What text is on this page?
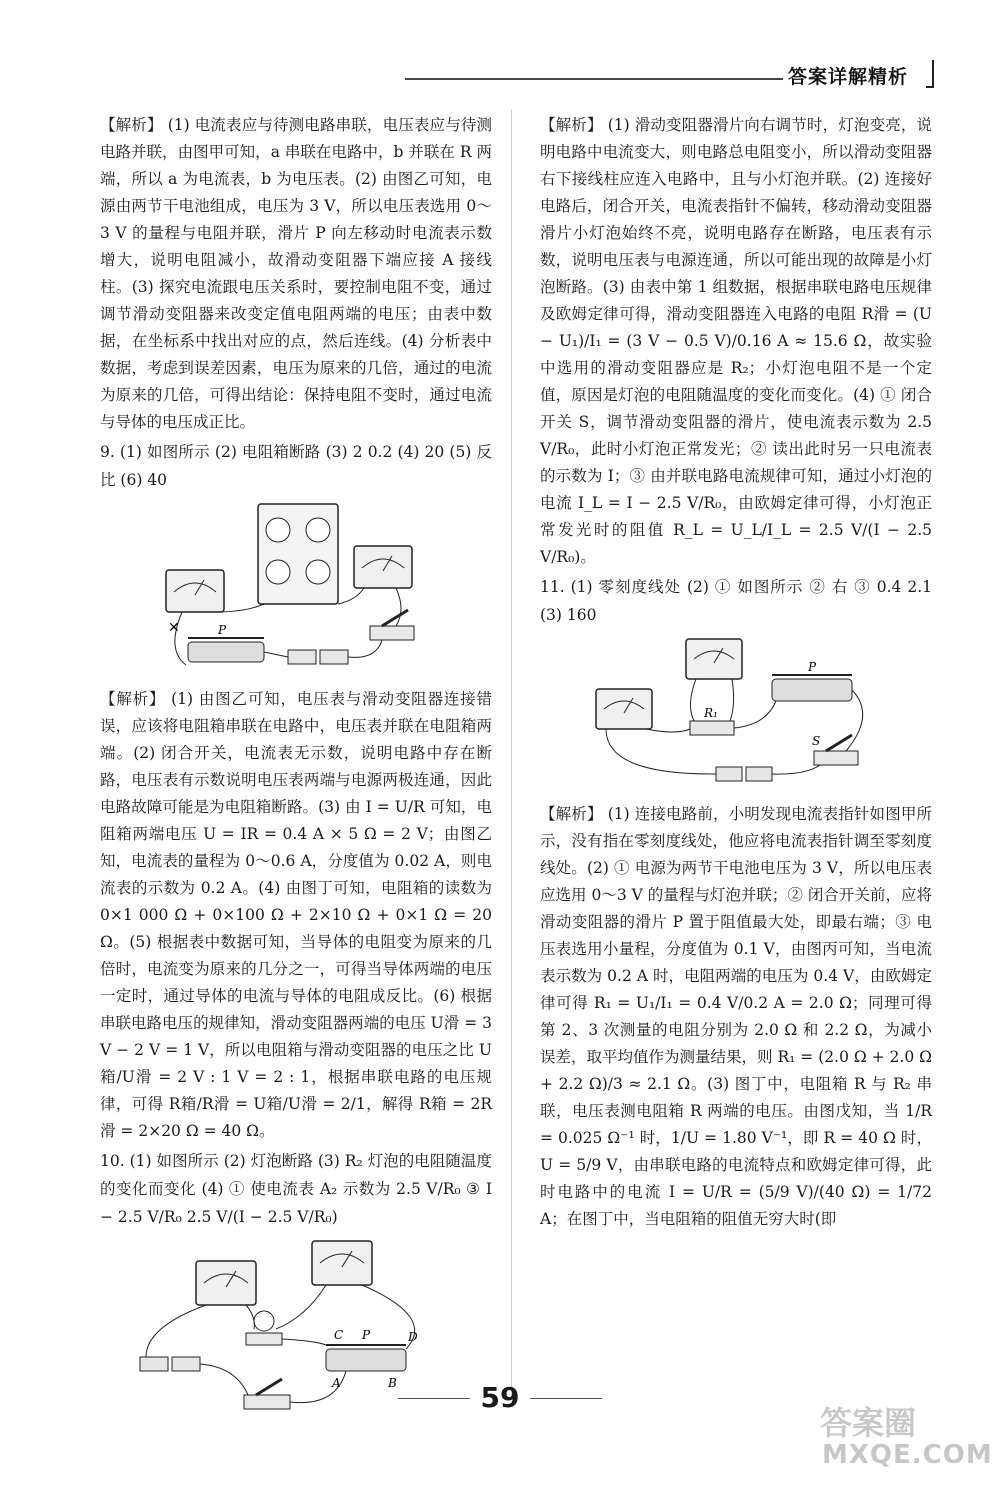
答案详解精析

【解析】 (1) 电流表应与待测电路串联，电压表应与待测电路并联，由图甲可知，a 串联在电路中，b 并联在 R 两端，所以 a 为电流表，b 为电压表。(2) 由图乙可知，电源由两节干电池组成，电压为 3 V，所以电压表选用 0～3 V 的量程与电阻并联，滑片 P 向左移动时电流表示数增大，说明电阻减小，故滑动变阻器下端应接 A 接线柱。(3) 探究电流跟电压关系时，要控制电阻不变，通过调节滑动变阻器来改变定值电阻两端的电压；由表中数据，在坐标系中找出对应的点，然后连线。(4) 分析表中数据，考虑到误差因素，电压为原来的几倍，通过的电流为原来的几倍，可得出结论：保持电阻不变时，通过电流与导体的电压成正比。

9. (1) 如图所示 (2) 电阻箱断路 (3) 2 0.2 (4) 20 (5) 反比 (6) 40

✕	P

【解析】 (1) 由图乙可知，电压表与滑动变阻器连接错误，应该将电阻箱串联在电路中，电压表并联在电阻箱两端。(2) 闭合开关，电流表无示数，说明电路中存在断路，电压表有示数说明电压表两端与电源两极连通，因此电路故障可能是为电阻箱断路。(3) 由 I = U/R 可知，电阻箱两端电压 U = IR = 0.4 A × 5 Ω = 2 V；由图乙知，电流表的量程为 0～0.6 A，分度值为 0.02 A，则电流表的示数为 0.2 A。(4) 由图丁可知，电阻箱的读数为 0×1 000 Ω + 0×100 Ω + 2×10 Ω + 0×1 Ω = 20 Ω。(5) 根据表中数据可知，当导体的电阻变为原来的几倍时，电流变为原来的几分之一，可得当导体两端的电压一定时，通过导体的电流与导体的电阻成反比。(6) 根据串联电路电压的规律知，滑动变阻器两端的电压 U滑 = 3 V − 2 V = 1 V，所以电阻箱与滑动变阻器的电压之比 U箱/U滑 = 2 V : 1 V = 2 : 1，根据串联电路的电压规律，可得 R箱/R滑 = U箱/U滑 = 2/1，解得 R箱 = 2R滑 = 2×20 Ω = 40 Ω。

10. (1) 如图所示 (2) 灯泡断路 (3) R₂ 灯泡的电阻随温度的变化而变化 (4) ① 使电流表 A₂ 示数为 2.5 V/R₀ ③ I − 2.5 V/R₀ 2.5 V/(I − 2.5 V/R₀)

C P	D
A	B

【解析】 (1) 滑动变阻器滑片向右调节时，灯泡变亮，说明电路中电流变大，则电路总电阻变小，所以滑动变阻器右下接线柱应连入电路中，且与小灯泡并联。(2) 连接好电路后，闭合开关，电流表指针不偏转，移动滑动变阻器滑片小灯泡始终不亮，说明电路存在断路，电压表有示数，说明电压表与电源连通，所以可能出现的故障是小灯泡断路。(3) 由表中第 1 组数据，根据串联电路电压规律及欧姆定律可得，滑动变阻器连入电路的电阻 R滑 = (U − U₁)/I₁ = (3 V − 0.5 V)/0.16 A ≈ 15.6 Ω，故实验中选用的滑动变阻器应是 R₂；小灯泡电阻不是一个定值，原因是灯泡的电阻随温度的变化而变化。(4) ① 闭合开关 S，调节滑动变阻器的滑片，使电流表示数为 2.5 V/R₀，此时小灯泡正常发光；② 读出此时另一只电流表的示数为 I；③ 由并联电路电流规律可知，通过小灯泡的电流 I_L = I − 2.5 V/R₀，由欧姆定律可得，小灯泡正常发光时的阻值 R_L = U_L/I_L = 2.5 V/(I − 2.5 V/R₀)。

11. (1) 零刻度线处 (2) ① 如图所示 ② 右 ③ 0.4 2.1 (3) 160

P
R₁
S

【解析】 (1) 连接电路前，小明发现电流表指针如图甲所示，没有指在零刻度线处，他应将电流表指针调至零刻度线处。(2) ① 电源为两节干电池电压为 3 V，所以电压表应选用 0～3 V 的量程与灯泡并联；② 闭合开关前，应将滑动变阻器的滑片 P 置于阻值最大处，即最右端；③ 电压表选用小量程，分度值为 0.1 V，由图丙可知，当电流表示数为 0.2 A 时，电阻两端的电压为 0.4 V，由欧姆定律可得 R₁ = U₁/I₁ = 0.4 V/0.2 A = 2.0 Ω；同理可得第 2、3 次测量的电阻分别为 2.0 Ω 和 2.2 Ω，为减小误差，取平均值作为测量结果，则 R₁ = (2.0 Ω + 2.0 Ω + 2.2 Ω)/3 ≈ 2.1 Ω。(3) 图丁中，电阻箱 R 与 R₂ 串联，电压表测电阻箱 R 两端的电压。由图戊知，当 1/R = 0.025 Ω⁻¹ 时，1/U = 1.80 V⁻¹，即 R = 40 Ω 时，U = 5/9 V，由串联电路的电流特点和欧姆定律可得，此时电路中的电流 I = U/R = (5/9 V)/(40 Ω) = 1/72 A；在图丁中，当电阻箱的阻值无穷大时(即

59
答案圈
MXQE.COM
